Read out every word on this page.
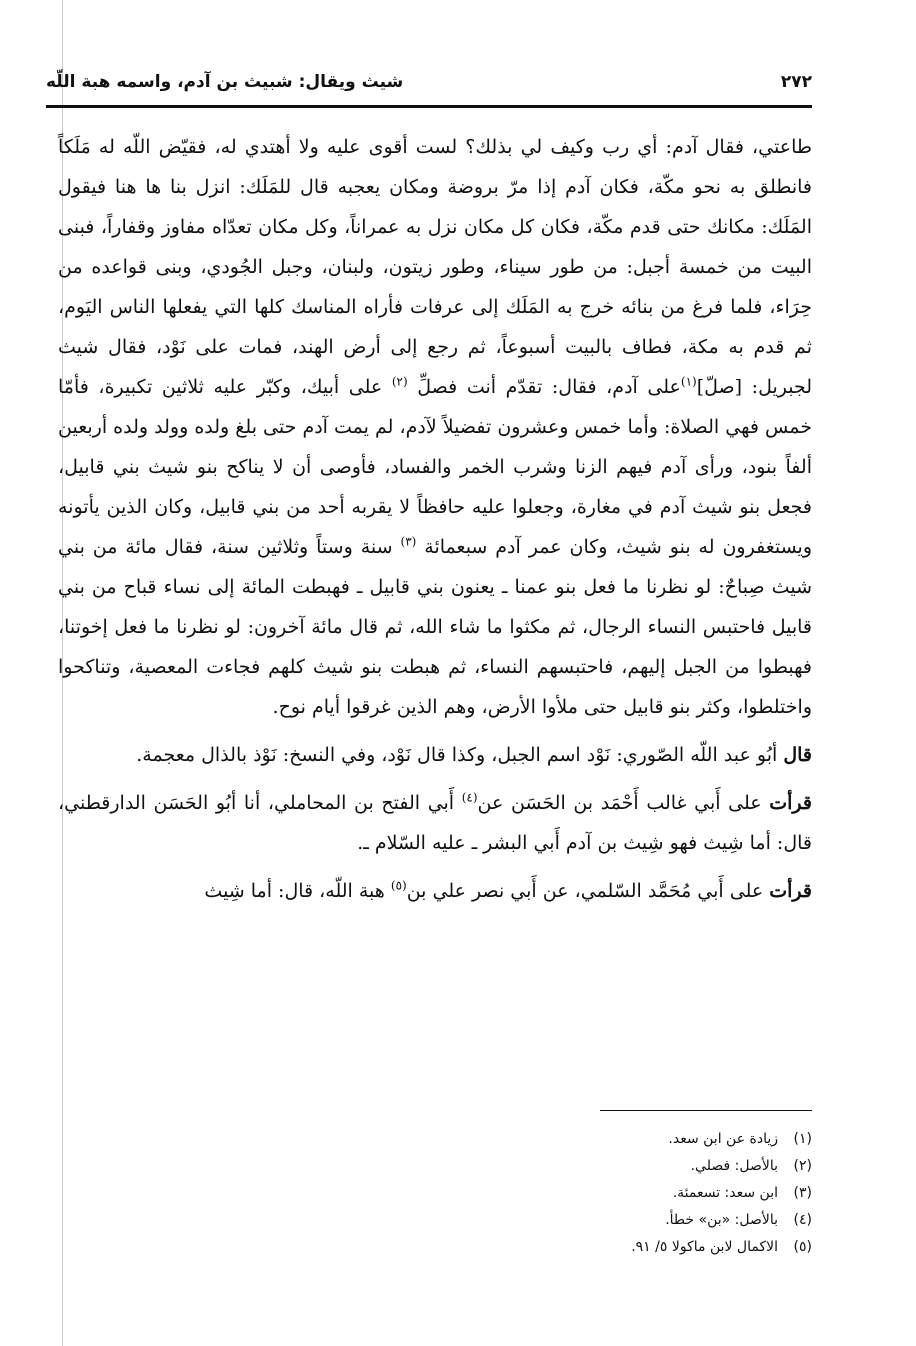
٢٧٢
شيث ويقال: شبيث بن آدم، واسمه هبة اللّه

طاعتي، فقال آدم: أي رب وكيف لي بذلك؟ لست أقوى عليه ولا أهتدي له، فقيّض اللّه له مَلَكاً فانطلق به نحو مكّة، فكان آدم إذا مرّ بروضة ومكان يعجبه قال للمَلَك: انزل بنا ها هنا فيقول المَلَك: مكانك حتى قدم مكّة، فكان كل مكان نزل به عمراناً، وكل مكان تعدّاه مفاوز وقفاراً، فبنى البيت من خمسة أجبل: من طور سيناء، وطور زيتون، ولبنان، وجبل الجُودي، وبنى قواعده من حِرَاء، فلما فرغ من بنائه خرج به المَلَك إلى عرفات فأراه المناسك كلها التي يفعلها الناس اليَوم، ثم قدم به مكة، فطاف بالبيت أسبوعاً، ثم رجع إلى أرض الهند، فمات على نَوْد، فقال شيث لجبريل: [صلّ]$^{(١)}$على آدم، فقال: تقدّم أنت فصلِّ $^{(٢)}$ على أبيك، وكبّر عليه ثلاثين تكبيرة، فأمّا خمس فهي الصلاة: وأما خمس وعشرون تفضيلاً لآدم، لم يمت آدم حتى بلغ ولده وولد ولده أربعين ألفاً بنود، ورأى آدم فيهم الزنا وشرب الخمر والفساد، فأوصى أن لا يناكح بنو شيث بني قابيل، فجعل بنو شيث آدم في مغارة، وجعلوا عليه حافظاً لا يقربه أحد من بني قابيل، وكان الذين يأتونه ويستغفرون له بنو شيث، وكان عمر آدم سبعمائة $^{(٣)}$ سنة وستاً وثلاثين سنة، فقال مائة من بني شيث صِباحٌ: لو نظرنا ما فعل بنو عمنا ـ يعنون بني قابيل ـ فهبطت المائة إلى نساء قباح من بني قابيل فاحتبس النساء الرجال، ثم مكثوا ما شاء الله، ثم قال مائة آخرون: لو نظرنا ما فعل إخوتنا، فهبطوا من الجبل إليهم، فاحتبسهم النساء، ثم هبطت بنو شيث كلهم فجاءت المعصية، وتناكحوا واختلطوا، وكثر بنو قابيل حتى ملأوا الأرض، وهم الذين غرقوا أيام نوح.

قال أبُو عبد اللّه الصّوري: نَوْد اسم الجبل، وكذا قال نَوْد، وفي النسخ: نَوْذ بالذال معجمة.

قرأت على أَبي غالب أَحْمَد بن الحَسَن عن$^{(٤)}$ أَبي الفتح بن المحاملي، أنا أبُو الحَسَن الدارقطني، قال: أما شِيث فهو شِيث بن آدم أَبي البشر ـ عليه السّلام ـ.

قرأت على أَبي مُحَمَّد السّلمي، عن أَبي نصر علي بن$^{(٥)}$ هبة اللّه، قال: أما شِيث

(١)زيادة عن ابن سعد.
(٢)بالأصل: فصلي.
(٣)ابن سعد: تسعمئة.
(٤)بالأصل: «بن» خطأ.
(٥)الاكمال لابن ماكولا ٥/ ٩١.
